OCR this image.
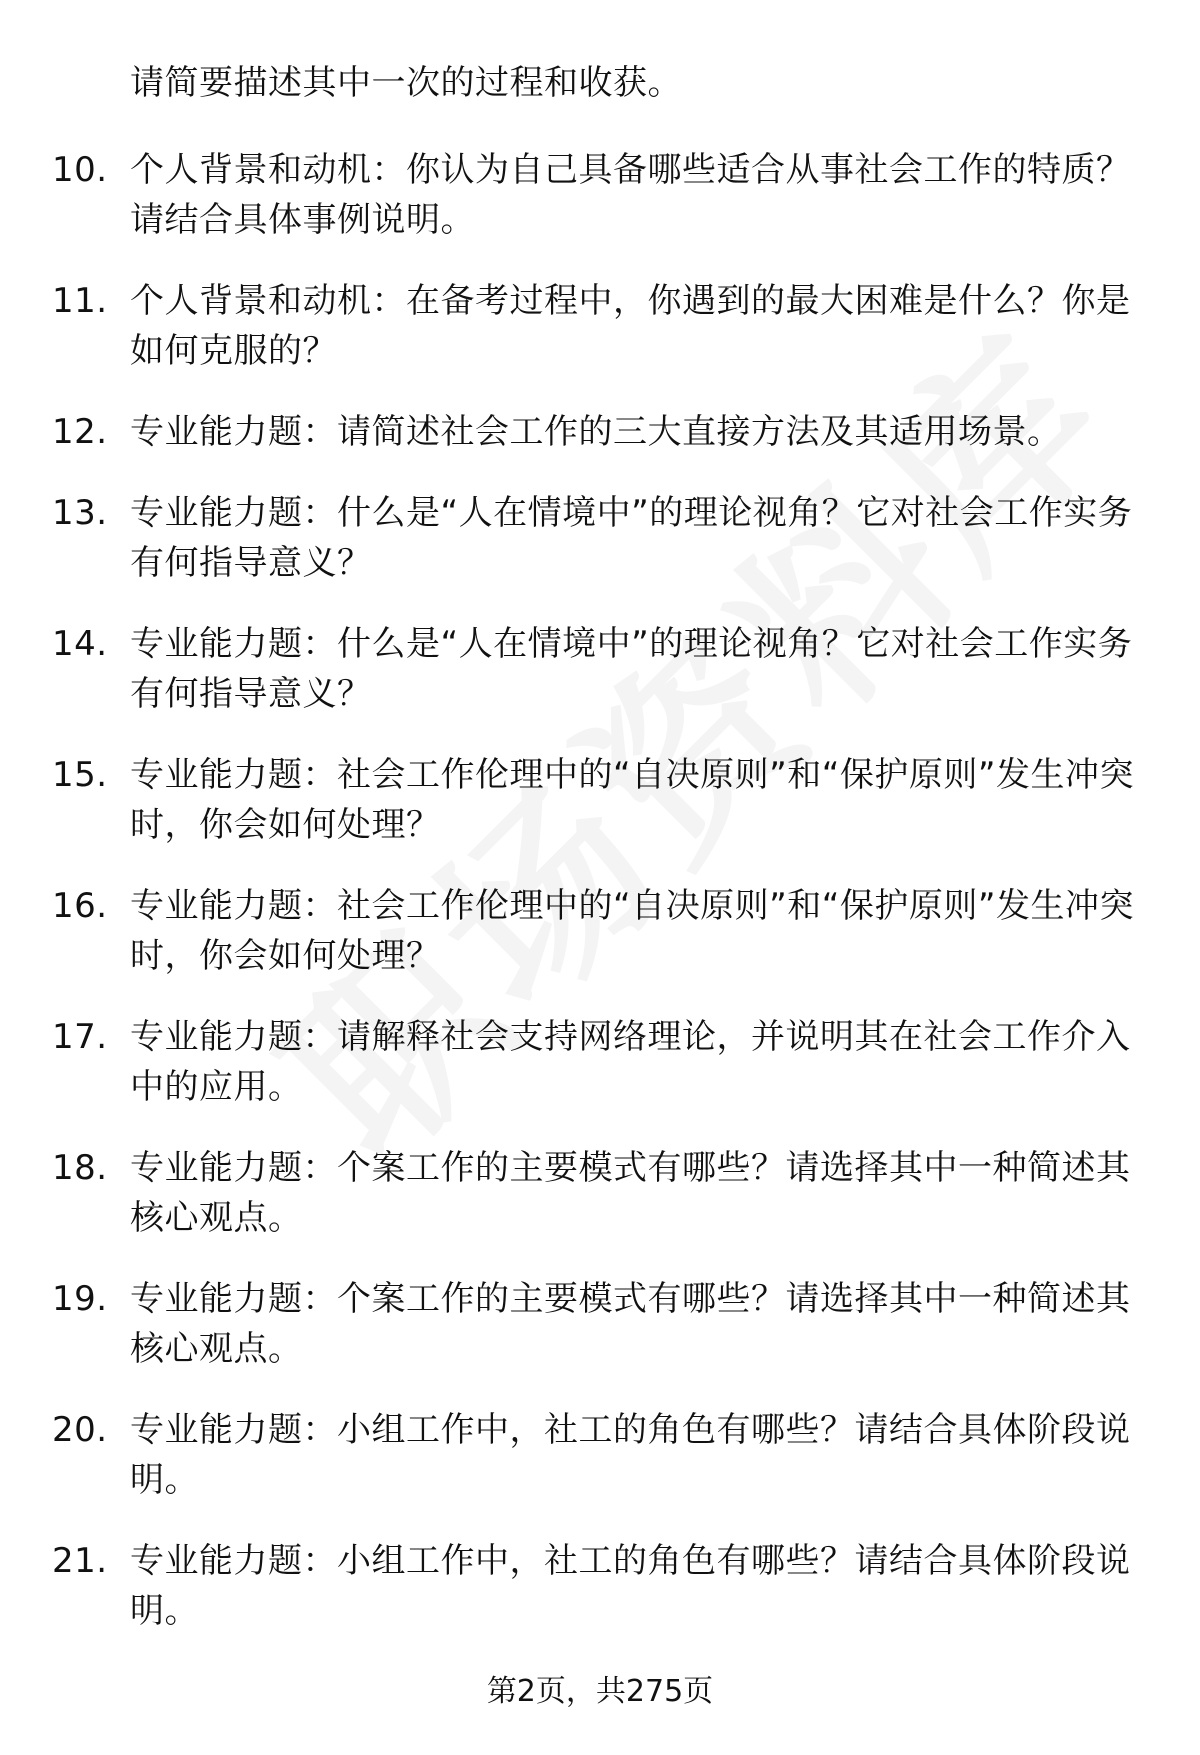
请简要描述其中一次的过程和收获。
10. 个人背景和动机：你认为自己具备哪些适合从事社会工作的特质？请结合具体事例说明。
11. 个人背景和动机：在备考过程中，你遇到的最大困难是什么？你是如何克服的？
12. 专业能力题：请简述社会工作的三大直接方法及其适用场景。
13. 专业能力题：什么是“人在情境中”的理论视角？它对社会工作实务有何指导意义？
14. 专业能力题：什么是“人在情境中”的理论视角？它对社会工作实务有何指导意义？
15. 专业能力题：社会工作伦理中的“自决原则”和“保护原则”发生冲突时，你会如何处理？
16. 专业能力题：社会工作伦理中的“自决原则”和“保护原则”发生冲突时，你会如何处理？
17. 专业能力题：请解释社会支持网络理论，并说明其在社会工作介入中的应用。
18. 专业能力题：个案工作的主要模式有哪些？请选择其中一种简述其核心观点。
19. 专业能力题：个案工作的主要模式有哪些？请选择其中一种简述其核心观点。
20. 专业能力题：小组工作中，社工的角色有哪些？请结合具体阶段说明。
21. 专业能力题：小组工作中，社工的角色有哪些？请结合具体阶段说明。
第2页，共275页
